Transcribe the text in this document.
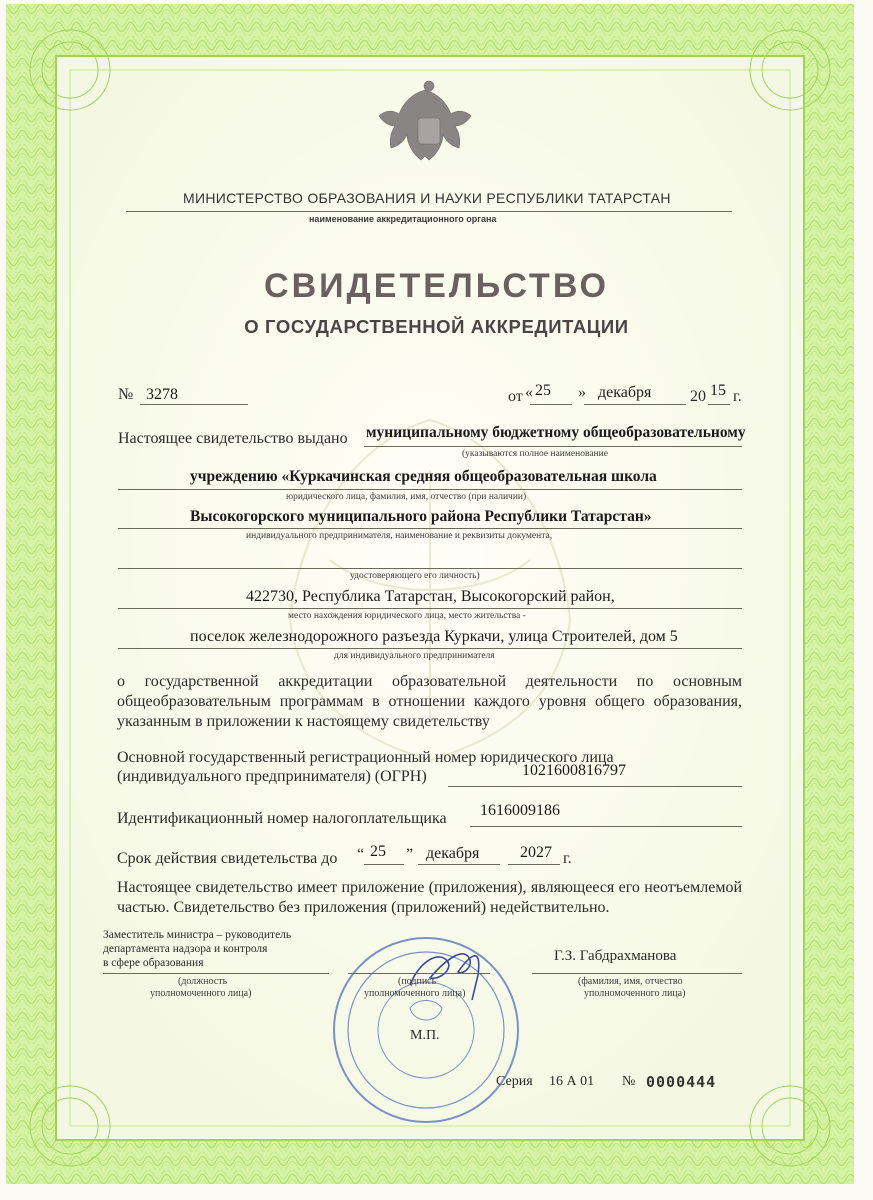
МИНИСТЕРСТВО ОБРАЗОВАНИЯ И НАУКИ РЕСПУБЛИКИ ТАТАРСТАН
наименование аккредитационного органа
СВИДЕТЕЛЬСТВО
О ГОСУДАРСТВЕННОЙ АККРЕДИТАЦИИ
№ 3278	от « 25 » декабря 20 15 г.
Настоящее свидетельство выдано муниципальному бюджетному общеобразовательному
(указываются полное наименование
учреждению «Куркачинская средняя общеобразовательная школа
юридического лица, фамилия, имя, отчество (при наличии)
Высокогорского муниципального района Республики Татарстан»
индивидуального предпринимателя, наименование и реквизиты документа,
удостоверяющего его личность)
422730, Республика Татарстан, Высокогорский район,
место нахождения юридического лица, место жительства -
поселок железнодорожного разъезда Куркачи, улица Строителей, дом 5
для индивидуального предпринимателя
о государственной аккредитации образовательной деятельности по основным общеобразовательным программам в отношении каждого уровня общего образования, указанным в приложении к настоящему свидетельству
Основной государственный регистрационный номер юридического лица
(индивидуального предпринимателя) (ОГРН)	1021600816797
Идентификационный номер налогоплательщика 1616009186
Срок действия свидетельства до “ 25 ” декабря	2027 г.
Настоящее свидетельство имеет приложение (приложения), являющееся его неотъемлемой частью. Свидетельство без приложения (приложений) недействительно.
Заместитель министра – руководитель
департамента надзора и контроля
в сфере образования
(должность
уполномоченного лица)
(подпись
уполномоченного лица)
Г.З. Габдрахманова
(фамилия, имя, отчество
уполномоченного лица)
М.П.
Серия 16 А 01 № 0000444
